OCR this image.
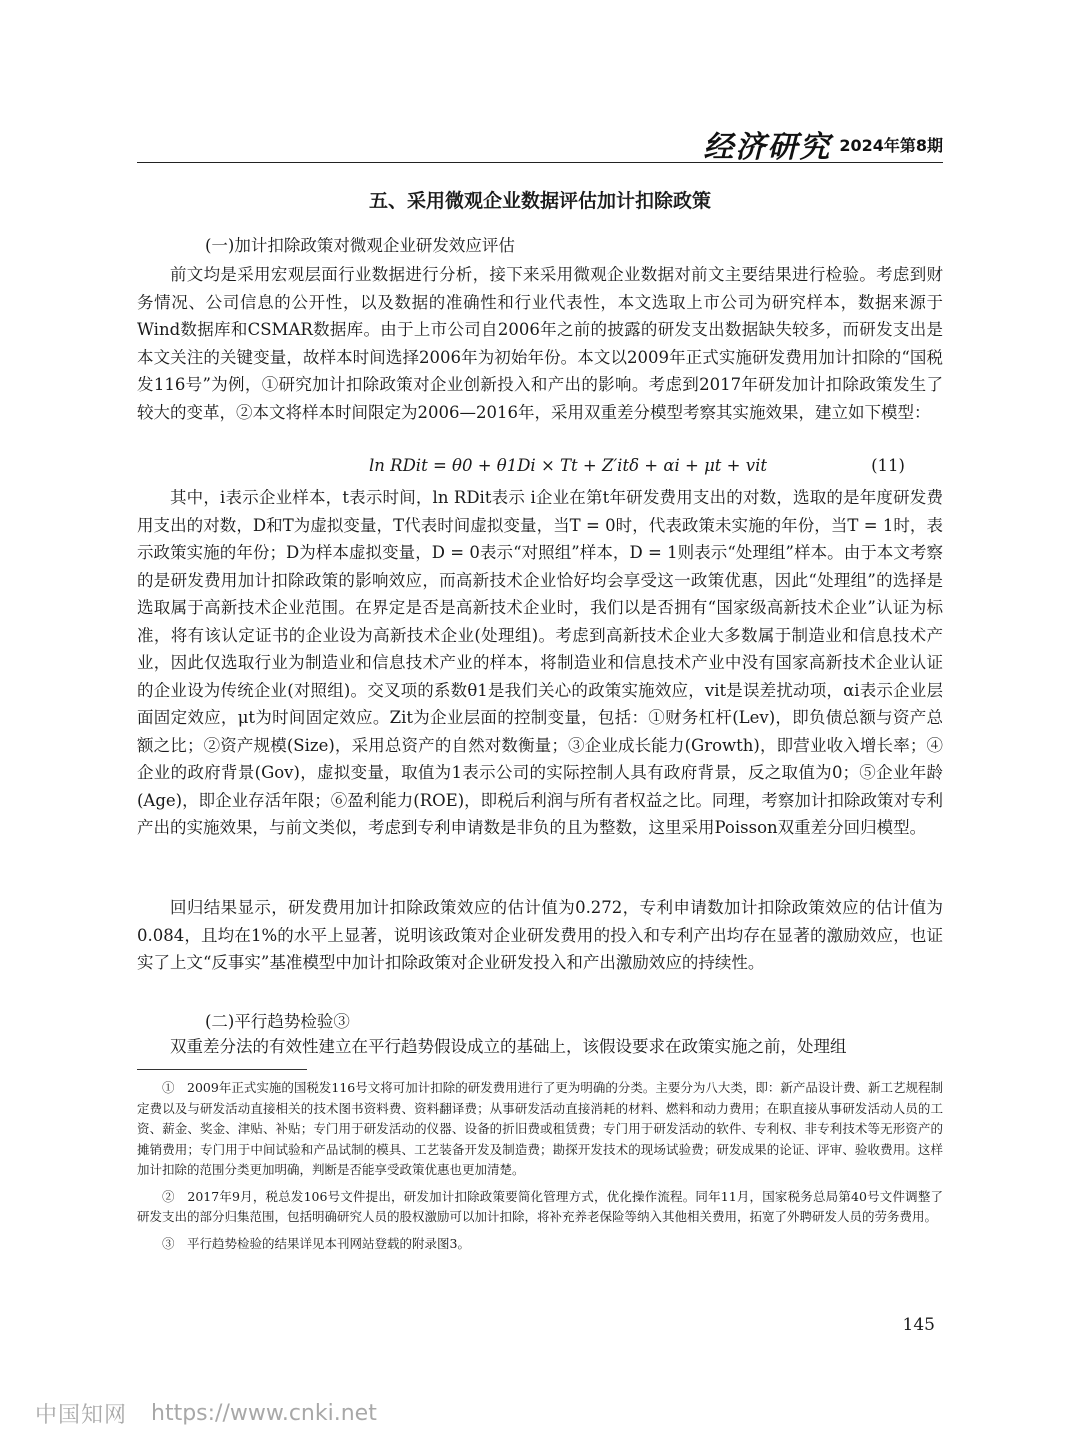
经济研究 2024年第8期
五、采用微观企业数据评估加计扣除政策
(一)加计扣除政策对微观企业研发效应评估

前文均是采用宏观层面行业数据进行分析，接下来采用微观企业数据对前文主要结果进行检验。考虑到财务情况、公司信息的公开性，以及数据的准确性和行业代表性，本文选取上市公司为研究样本，数据来源于Wind数据库和CSMAR数据库。由于上市公司自2006年之前的披露的研发支出数据缺失较多，而研发支出是本文关注的关键变量，故样本时间选择2006年为初始年份。本文以2009年正式实施研发费用加计扣除的“国税发116号”为例，①研究加计扣除政策对企业创新投入和产出的影响。考虑到2017年研发加计扣除政策发生了较大的变革，②本文将样本时间限定为2006—2016年，采用双重差分模型考察其实施效果，建立如下模型：

ln RDit = θ0 + θ1Di × Tt + Z′itδ + αi + μt + vit	(11)

其中，i表示企业样本，t表示时间，ln RDit表示 i企业在第t年研发费用支出的对数，选取的是年度研发费用支出的对数，D和T为虚拟变量，T代表时间虚拟变量，当T = 0时，代表政策未实施的年份，当T = 1时，表示政策实施的年份；D为样本虚拟变量，D = 0表示“对照组”样本，D = 1则表示“处理组”样本。由于本文考察的是研发费用加计扣除政策的影响效应，而高新技术企业恰好均会享受这一政策优惠，因此“处理组”的选择是选取属于高新技术企业范围。在界定是否是高新技术企业时，我们以是否拥有“国家级高新技术企业”认证为标准，将有该认定证书的企业设为高新技术企业(处理组)。考虑到高新技术企业大多数属于制造业和信息技术产业，因此仅选取行业为制造业和信息技术产业的样本，将制造业和信息技术产业中没有国家高新技术企业认证的企业设为传统企业(对照组)。交叉项的系数θ1是我们关心的政策实施效应，vit是误差扰动项，αi表示企业层面固定效应，μt为时间固定效应。Zit为企业层面的控制变量，包括：①财务杠杆(Lev)，即负债总额与资产总额之比；②资产规模(Size)，采用总资产的自然对数衡量；③企业成长能力(Growth)，即营业收入增长率；④企业的政府背景(Gov)，虚拟变量，取值为1表示公司的实际控制人具有政府背景，反之取值为0；⑤企业年龄(Age)，即企业存活年限；⑥盈利能力(ROE)，即税后利润与所有者权益之比。同理，考察加计扣除政策对专利产出的实施效果，与前文类似，考虑到专利申请数是非负的且为整数，这里采用Poisson双重差分回归模型。

回归结果显示，研发费用加计扣除政策效应的估计值为0.272，专利申请数加计扣除政策效应的估计值为0.084，且均在1%的水平上显著，说明该政策对企业研发费用的投入和专利产出均存在显著的激励效应，也证实了上文“反事实”基准模型中加计扣除政策对企业研发投入和产出激励效应的持续性。

(二)平行趋势检验③

双重差分法的有效性建立在平行趋势假设成立的基础上，该假设要求在政策实施之前，处理组

①　2009年正式实施的国税发116号文将可加计扣除的研发费用进行了更为明确的分类。主要分为八大类，即：新产品设计费、新工艺规程制定费以及与研发活动直接相关的技术图书资料费、资料翻译费；从事研发活动直接消耗的材料、燃料和动力费用；在职直接从事研发活动人员的工资、薪金、奖金、津贴、补贴；专门用于研发活动的仪器、设备的折旧费或租赁费；专门用于研发活动的软件、专利权、非专利技术等无形资产的摊销费用；专门用于中间试验和产品试制的模具、工艺装备开发及制造费；勘探开发技术的现场试验费；研发成果的论证、评审、验收费用。这样加计扣除的范围分类更加明确，判断是否能享受政策优惠也更加清楚。

②　2017年9月，税总发106号文件提出，研发加计扣除政策要简化管理方式，优化操作流程。同年11月，国家税务总局第40号文件调整了研发支出的部分归集范围，包括明确研究人员的股权激励可以加计扣除，将补充养老保险等纳入其他相关费用，拓宽了外聘研发人员的劳务费用。

③　平行趋势检验的结果详见本刊网站登载的附录图3。

145
中国知网 https://www.cnki.net
